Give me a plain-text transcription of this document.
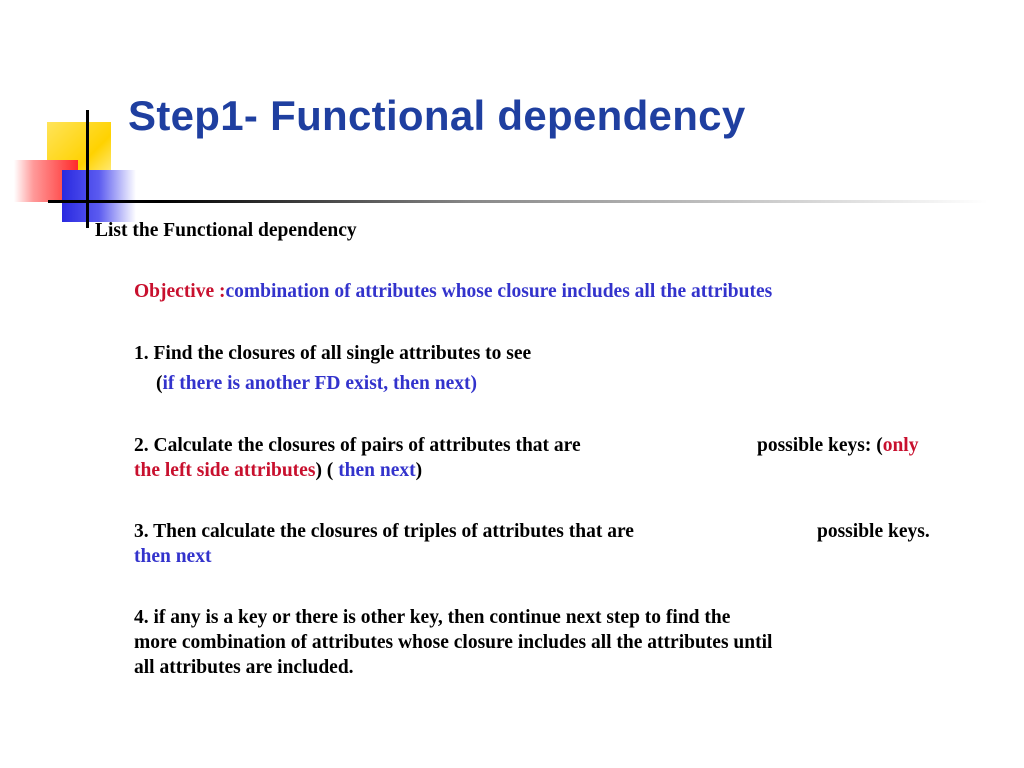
Step1- Functional dependency
List the Functional dependency
Objective :combination of attributes whose closure includes all the attributes
1. Find the closures of all single attributes to see
(if there is another FD exist, then next)
2. Calculate the closures of pairs of attributes that are	possible keys: (only
the left side attributes) ( then next)
3. Then calculate the closures of triples of attributes that are	possible keys.
then next
4. if any is a key or there is other key, then continue next step to find the
more combination of attributes whose closure includes all the attributes until
all attributes are included.
